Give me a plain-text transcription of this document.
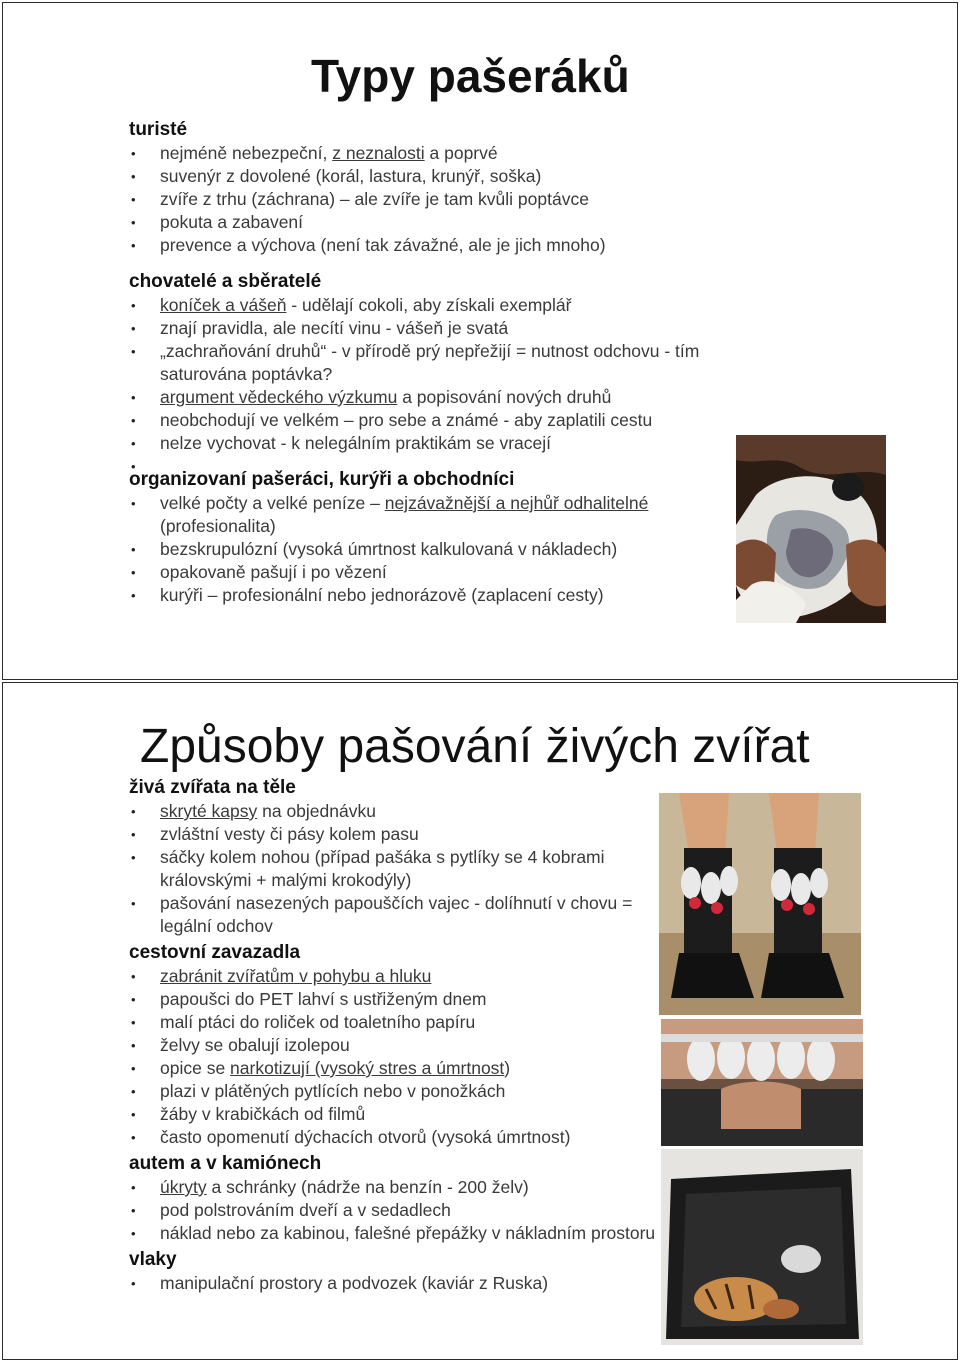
Typy pašeráků
turisté
• nejméně nebezpeční, z neznalosti a poprvé
• suvenýr z dovolené (korál, lastura, krunýř, soška)
• zvíře z trhu (záchrana) – ale zvíře je tam kvůli poptávce
• pokuta a zabavení
• prevence a výchova (není tak závažné, ale je jich mnoho)
chovatelé a sběratelé
• koníček a vášeň - udělají cokoli, aby získali exemplář
• znají pravidla, ale necítí vinu - vášeň je svatá
• „zachraňování druhů“ - v přírodě prý nepřežijí = nutnost odchovu - tím saturována poptávka?
• argument vědeckého výzkumu a popisování nových druhů
• neobchodují ve velkém – pro sebe a známé - aby zaplatili cestu
• nelze vychovat - k nelegálním praktikám se vracejí
organizovaní pašeráci, kurýři a obchodníci
• velké počty a velké peníze – nejzávažnější a nejhůř odhalitelné (profesionalita)
• bezskrupulózní (vysoká úmrtnost kalkulovaná v nákladech)
• opakovaně pašují i po vězení
• kurýři – profesionální nebo jednorázově (zaplacení cesty)
Způsoby pašování živých zvířat
živá zvířata na těle
• skryté kapsy na objednávku
• zvláštní vesty či pásy kolem pasu
• sáčky kolem nohou (případ pašáka s pytlíky se 4 kobrami královskými + malými krokodýly)
• pašování nasezených papouščích vajec - dolíhnutí v chovu = legální odchov
cestovní zavazadla
• zabránit zvířatům v pohybu a hluku
• papoušci do PET lahví s ustřiženým dnem
• malí ptáci do roliček od toaletního papíru
• želvy se obalují izolepou
• opice se narkotizují (vysoký stres a úmrtnost)
• plazi v plátěných pytlících nebo v ponožkách
• žáby v krabičkách od filmů
• často opomenutí dýchacích otvorů (vysoká úmrtnost)
autem a v kamiónech
• úkryty a schránky (nádrže na benzín - 200 želv)
• pod polstrováním dveří a v sedadlech
• náklad nebo za kabinou, falešné přepážky v nákladním prostoru
vlaky
• manipulační prostory a podvozek (kaviár z Ruska)
